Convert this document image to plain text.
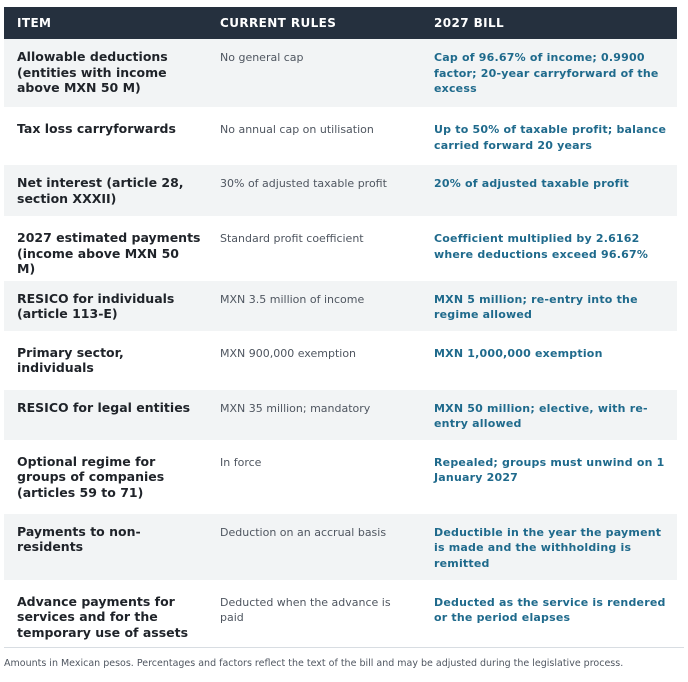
ITEM	CURRENT RULES	2027 BILL
Allowable deductions (entities with income above MXN 50 M)	No general cap	Cap of 96.67% of income; 0.9900 factor; 20-year carryforward of the excess
Tax loss carryforwards	No annual cap on utilisation	Up to 50% of taxable profit; balance carried forward 20 years
Net interest (article 28, section XXXII)	30% of adjusted taxable profit	20% of adjusted taxable profit
2027 estimated payments (income above MXN 50 M)	Standard profit coefficient	Coefficient multiplied by 2.6162 where deductions exceed 96.67%
RESICO for individuals (article 113-E)	MXN 3.5 million of income	MXN 5 million; re-entry into the regime allowed
Primary sector, individuals	MXN 900,000 exemption	MXN 1,000,000 exemption
RESICO for legal entities	MXN 35 million; mandatory	MXN 50 million; elective, with re-entry allowed
Optional regime for groups of companies (articles 59 to 71)	In force	Repealed; groups must unwind on 1 January 2027
Payments to non-residents	Deduction on an accrual basis	Deductible in the year the payment is made and the withholding is remitted
Advance payments for services and for the temporary use of assets	Deducted when the advance is paid	Deducted as the service is rendered or the period elapses
Amounts in Mexican pesos. Percentages and factors reflect the text of the bill and may be adjusted during the legislative process.
